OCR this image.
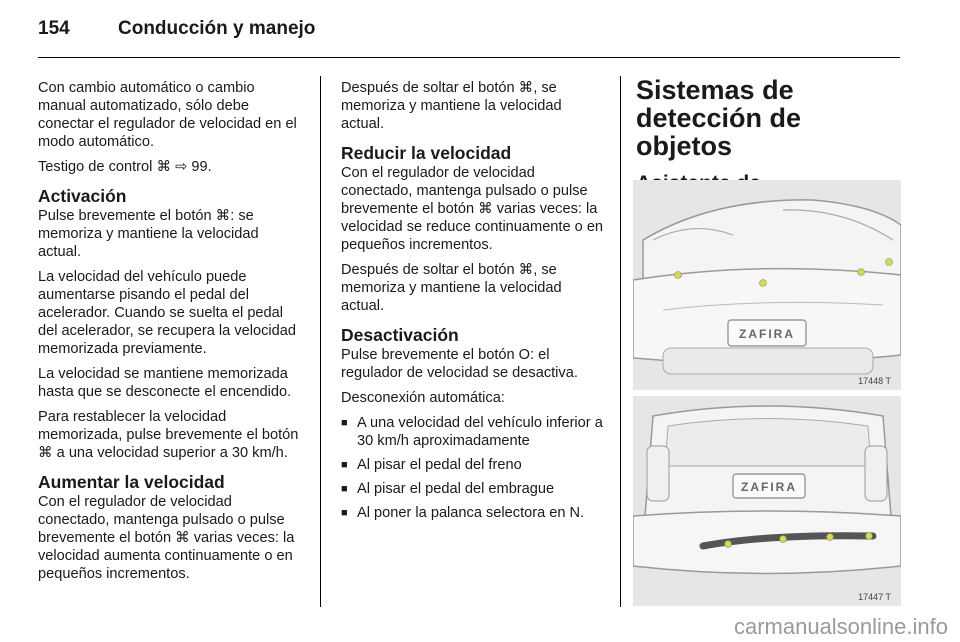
154	Conducción y manejo

Con cambio automático o cambio manual automatizado, sólo debe conectar el regulador de velocidad en el modo automático.

Testigo de control ⌘ ⇨ 99.

Activación

Pulse brevemente el botón ⌘: se memoriza y mantiene la velocidad actual.

La velocidad del vehículo puede aumentarse pisando el pedal del acelerador. Cuando se suelta el pedal del acelerador, se recupera la velocidad memorizada previamente.

La velocidad se mantiene memorizada hasta que se desconecte el encendido.

Para restablecer la velocidad memorizada, pulse brevemente el botón ⌘ a una velocidad superior a 30 km/h.

Aumentar la velocidad

Con el regulador de velocidad conectado, mantenga pulsado o pulse brevemente el botón ⌘ varias veces: la velocidad aumenta continuamente o en pequeños incrementos.

Después de soltar el botón ⌘, se memoriza y mantiene la velocidad actual.

Reducir la velocidad

Con el regulador de velocidad conectado, mantenga pulsado o pulse brevemente el botón ⌘ varias veces: la velocidad se reduce continuamente o en pequeños incrementos.

Después de soltar el botón ⌘, se memoriza y mantiene la velocidad actual.

Desactivación

Pulse brevemente el botón O: el regulador de velocidad se desactiva.

Desconexión automática:

■ A una velocidad del vehículo inferior a 30 km/h aproximadamente
■ Al pisar el pedal del freno
■ Al pisar el pedal del embrague
■ Al poner la palanca selectora en N.
Sistemas de detección de objetos
ZAFIRA
17448 T
ZAFIRA
17447 T
carmanualsonline.info
